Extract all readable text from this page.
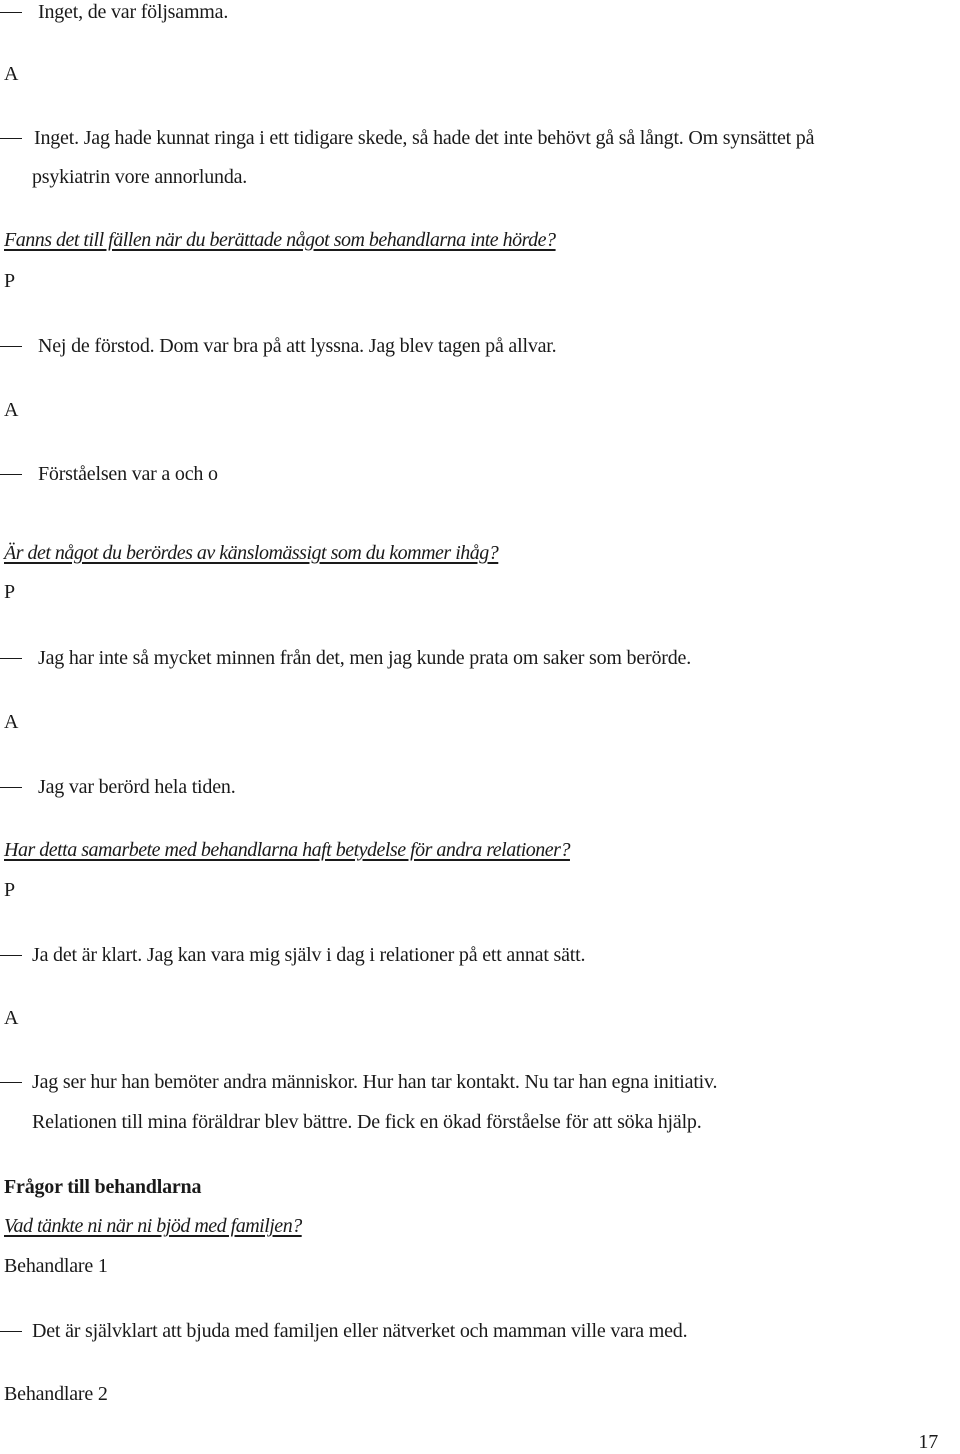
Inget, de var följsamma.
A
Inget. Jag hade kunnat ringa i ett tidigare skede, så hade det inte behövt gå så långt. Om synsättet på
psykiatrin vore annorlunda.
Fanns det till fällen när du berättade något som behandlarna inte hörde?
P
Nej de förstod. Dom var bra på att lyssna. Jag blev tagen på allvar.
A
Förståelsen var a och o
Är det något du berördes av känslomässigt som du kommer ihåg?
P
Jag har inte så mycket minnen från det, men jag kunde prata om saker som berörde.
A
Jag var berörd hela tiden.
Har detta samarbete med behandlarna haft betydelse för andra relationer?
P
Ja det är klart. Jag kan vara mig själv i dag i relationer på ett annat sätt.
A
Jag ser hur han bemöter andra människor. Hur han tar kontakt. Nu tar han egna initiativ.
Relationen till mina föräldrar blev bättre. De fick en ökad förståelse för att söka hjälp.
Frågor till behandlarna
Vad tänkte ni när ni bjöd med familjen?
Behandlare 1
Det är självklart att bjuda med familjen eller nätverket och mamman ville vara med.
Behandlare 2
17
